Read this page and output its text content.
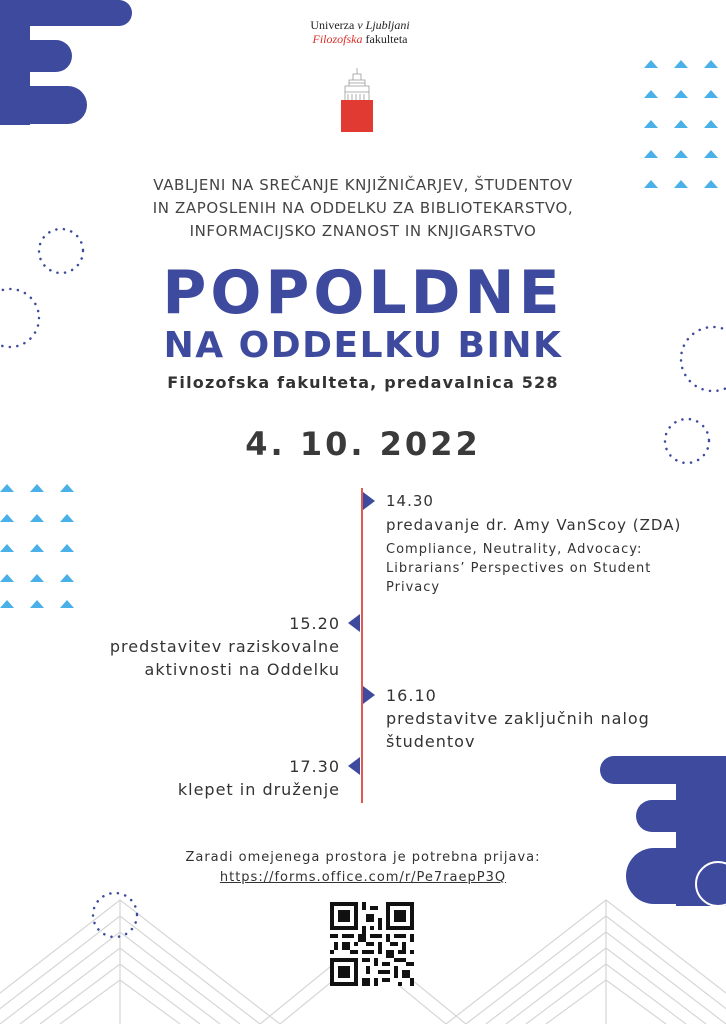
Univerza v Ljubljani
Filozofska fakulteta
VABLJENI NA SREČANJE KNJIŽNIČARJEV, ŠTUDENTOV
IN ZAPOSLENIH NA ODDELKU ZA BIBLIOTEKARSTVO,
INFORMACIJSKO ZNANOST IN KNJIGARSTVO
POPOLDNE
NA ODDELKU BINK
Filozofska fakulteta, predavalnica 528
4. 10. 2022
14.30
predavanje dr. Amy VanScoy (ZDA)
Compliance, Neutrality, Advocacy:
Librarians’ Perspectives on Student
Privacy
15.20
predstavitev raziskovalne
aktivnosti na Oddelku
16.10
predstavitve zaključnih nalog
študentov
17.30
klepet in druženje
Zaradi omejenega prostora je potrebna prijava:
https://forms.office.com/r/Pe7raepP3Q
